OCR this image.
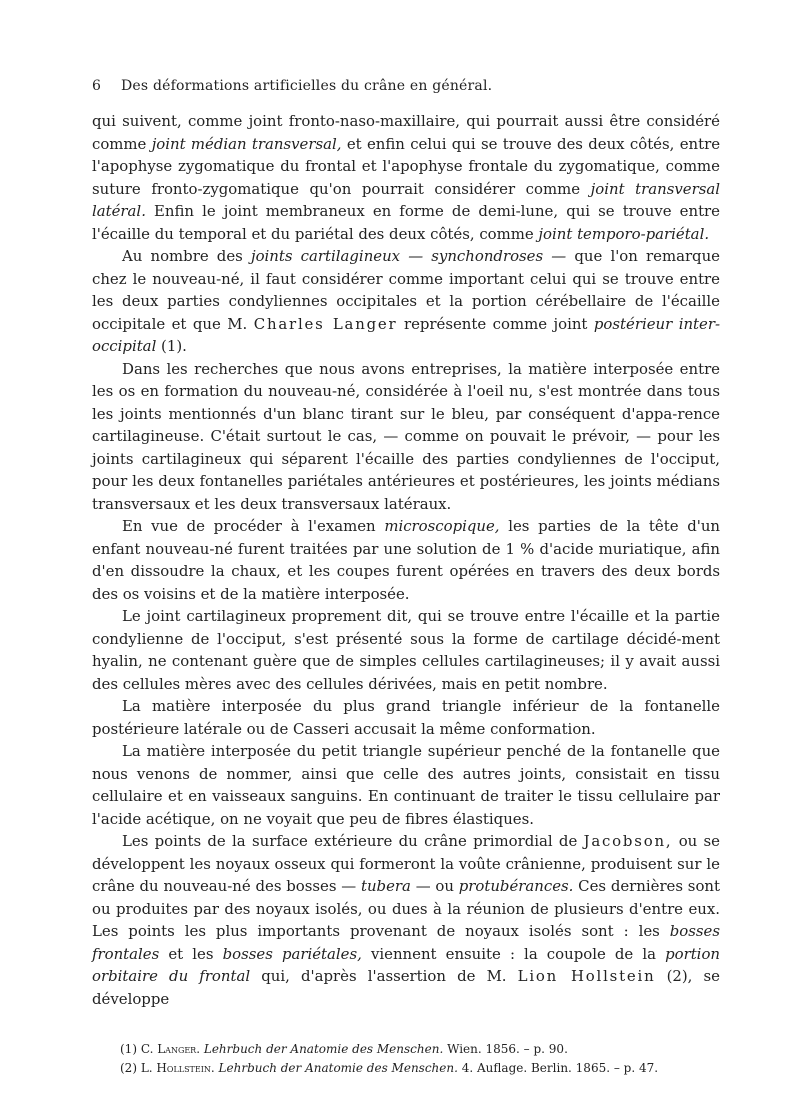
6 Des déformations artificielles du crâne en général.

qui suivent, comme joint fronto-naso-maxillaire, qui pourrait aussi être considéré comme joint médian transversal, et enfin celui qui se trouve des deux côtés, entre l'apophyse zygomatique du frontal et l'apophyse frontale du zygomatique, comme suture fronto-zygomatique qu'on pourrait considérer comme joint transversal latéral. Enfin le joint membraneux en forme de demi-lune, qui se trouve entre l'écaille du temporal et du pariétal des deux côtés, comme joint temporo-pariétal.

Au nombre des joints cartilagineux — synchondroses — que l'on remarque chez le nouveau-né, il faut considérer comme important celui qui se trouve entre les deux parties condyliennes occipitales et la portion cérébellaire de l'écaille occipitale et que M. Charles Langer représente comme joint postérieur inter-occipital (1).

Dans les recherches que nous avons entreprises, la matière interposée entre les os en formation du nouveau-né, considérée à l'oeil nu, s'est montrée dans tous les joints mentionnés d'un blanc tirant sur le bleu, par conséquent d'appa-rence cartilagineuse. C'était surtout le cas, — comme on pouvait le prévoir, — pour les joints cartilagineux qui séparent l'écaille des parties condyliennes de l'occiput, pour les deux fontanelles pariétales antérieures et postérieures, les joints médians transversaux et les deux transversaux latéraux.

En vue de procéder à l'examen microscopique, les parties de la tête d'un enfant nouveau-né furent traitées par une solution de 1 % d'acide muriatique, afin d'en dissoudre la chaux, et les coupes furent opérées en travers des deux bords des os voisins et de la matière interposée.

Le joint cartilagineux proprement dit, qui se trouve entre l'écaille et la partie condylienne de l'occiput, s'est présenté sous la forme de cartilage décidé-ment hyalin, ne contenant guère que de simples cellules cartilagineuses; il y avait aussi des cellules mères avec des cellules dérivées, mais en petit nombre.

La matière interposée du plus grand triangle inférieur de la fontanelle postérieure latérale ou de Casseri accusait la même conformation.

La matière interposée du petit triangle supérieur penché de la fontanelle que nous venons de nommer, ainsi que celle des autres joints, consistait en tissu cellulaire et en vaisseaux sanguins. En continuant de traiter le tissu cellulaire par l'acide acétique, on ne voyait que peu de fibres élastiques.

Les points de la surface extérieure du crâne primordial de Jacobson, ou se développent les noyaux osseux qui formeront la voûte crânienne, produisent sur le crâne du nouveau-né des bosses — tubera — ou protubérances. Ces dernières sont ou produites par des noyaux isolés, ou dues à la réunion de plusieurs d'entre eux. Les points les plus importants provenant de noyaux isolés sont : les bosses frontales et les bosses pariétales, viennent ensuite : la coupole de la portion orbitaire du frontal qui, d'après l'assertion de M. Lion Hollstein (2), se développe

(1) C. Langer. Lehrbuch der Anatomie des Menschen. Wien. 1856. – p. 90.

(2) L. Hollstein. Lehrbuch der Anatomie des Menschen. 4. Auflage. Berlin. 1865. – p. 47.
